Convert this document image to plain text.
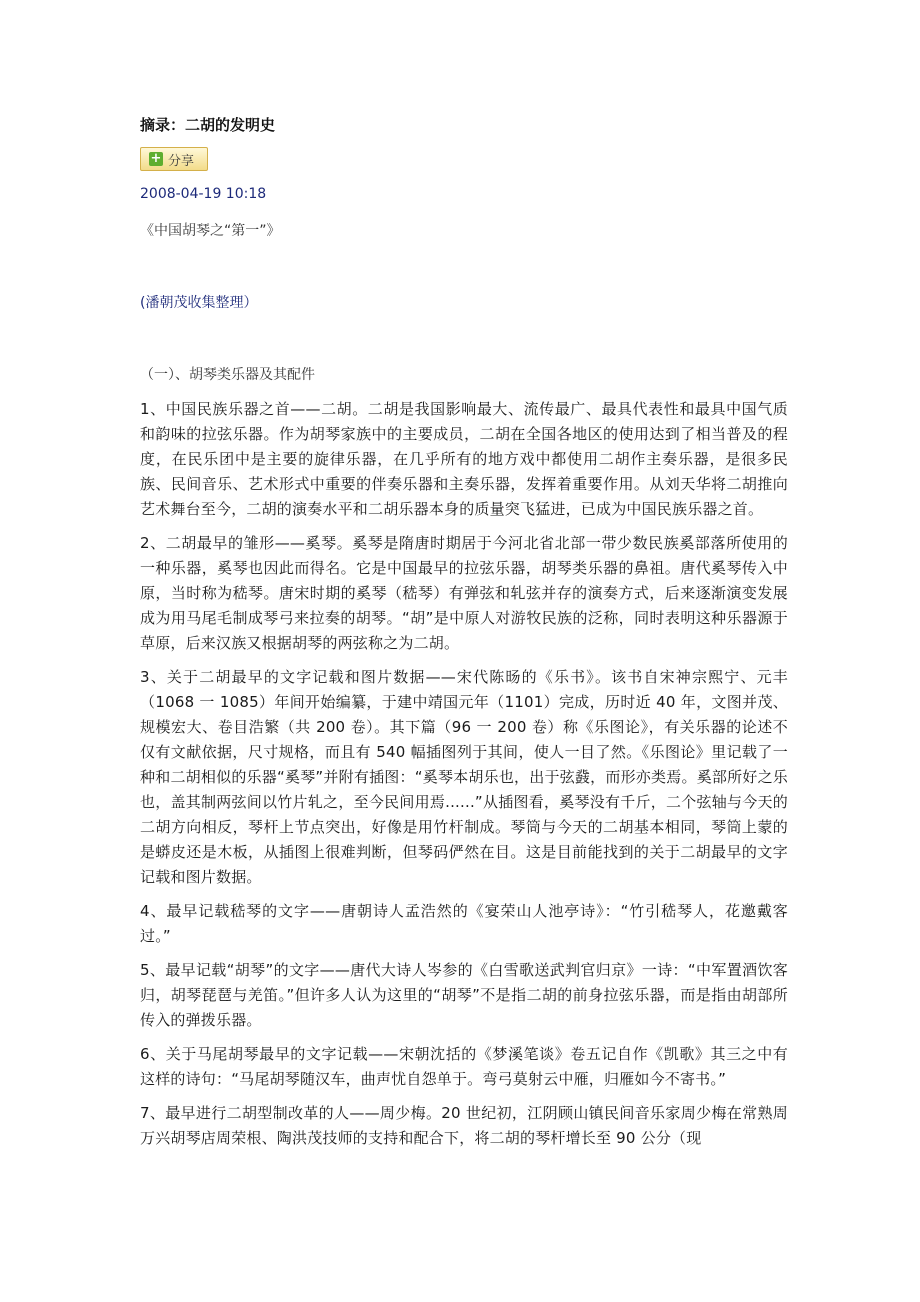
摘录：二胡的发明史
+ 分享
2008-04-19 10:18
《中国胡琴之“第一”》
(潘朝茂收集整理）
（一）、胡琴类乐器及其配件

1、中国民族乐器之首——二胡。二胡是我国影响最大、流传最广、最具代表性和最具中国气质和韵味的拉弦乐器。作为胡琴家族中的主要成员，二胡在全国各地区的使用达到了相当普及的程度，在民乐团中是主要的旋律乐器，在几乎所有的地方戏中都使用二胡作主奏乐器，是很多民族、民间音乐、艺术形式中重要的伴奏乐器和主奏乐器，发挥着重要作用。从刘天华将二胡推向艺术舞台至今，二胡的演奏水平和二胡乐器本身的质量突飞猛进，已成为中国民族乐器之首。

2、二胡最早的雏形——奚琴。奚琴是隋唐时期居于今河北省北部一带少数民族奚部落所使用的一种乐器，奚琴也因此而得名。它是中国最早的拉弦乐器，胡琴类乐器的鼻祖。唐代奚琴传入中原，当时称为嵇琴。唐宋时期的奚琴（嵇琴）有弹弦和轧弦并存的演奏方式，后来逐渐演变发展成为用马尾毛制成琴弓来拉奏的胡琴。“胡”是中原人对游牧民族的泛称，同时表明这种乐器源于草原，后来汉族又根据胡琴的两弦称之为二胡。

3、关于二胡最早的文字记载和图片数据——宋代陈旸的《乐书》。该书自宋神宗熙宁、元丰（1068 一 1085）年间开始编纂，于建中靖国元年（1101）完成，历时近 40 年，文图并茂、规模宏大、卷目浩繁（共 200 卷）。其下篇（96 一 200 卷）称《乐图论》，有关乐器的论述不仅有文献依据，尺寸规格，而且有 540 幅插图列于其间，使人一目了然。《乐图论》里记载了一种和二胡相似的乐器“奚琴”并附有插图：“奚琴本胡乐也，出于弦鼗，而形亦类焉。奚部所好之乐也，盖其制两弦间以竹片轧之，至今民间用焉......”从插图看，奚琴没有千斤，二个弦轴与今天的二胡方向相反，琴杆上节点突出，好像是用竹杆制成。琴筒与今天的二胡基本相同，琴筒上蒙的是蟒皮还是木板，从插图上很难判断，但琴码俨然在目。这是目前能找到的关于二胡最早的文字记载和图片数据。

4、最早记载嵇琴的文字——唐朝诗人孟浩然的《宴荣山人池亭诗》：“竹引嵇琴人，花邀戴客过。”

5、最早记载“胡琴”的文字——唐代大诗人岑参的《白雪歌送武判官归京》一诗：“中军置酒饮客归，胡琴琵琶与羌笛。”但许多人认为这里的“胡琴”不是指二胡的前身拉弦乐器，而是指由胡部所传入的弹拨乐器。

6、关于马尾胡琴最早的文字记载——宋朝沈括的《梦溪笔谈》卷五记自作《凯歌》其三之中有这样的诗句：“马尾胡琴随汉车，曲声忧自怨单于。弯弓莫射云中雁，归雁如今不寄书。”

7、最早进行二胡型制改革的人——周少梅。20 世纪初，江阴顾山镇民间音乐家周少梅在常熟周万兴胡琴店周荣根、陶洪茂技师的支持和配合下，将二胡的琴杆增长至 90 公分（现
